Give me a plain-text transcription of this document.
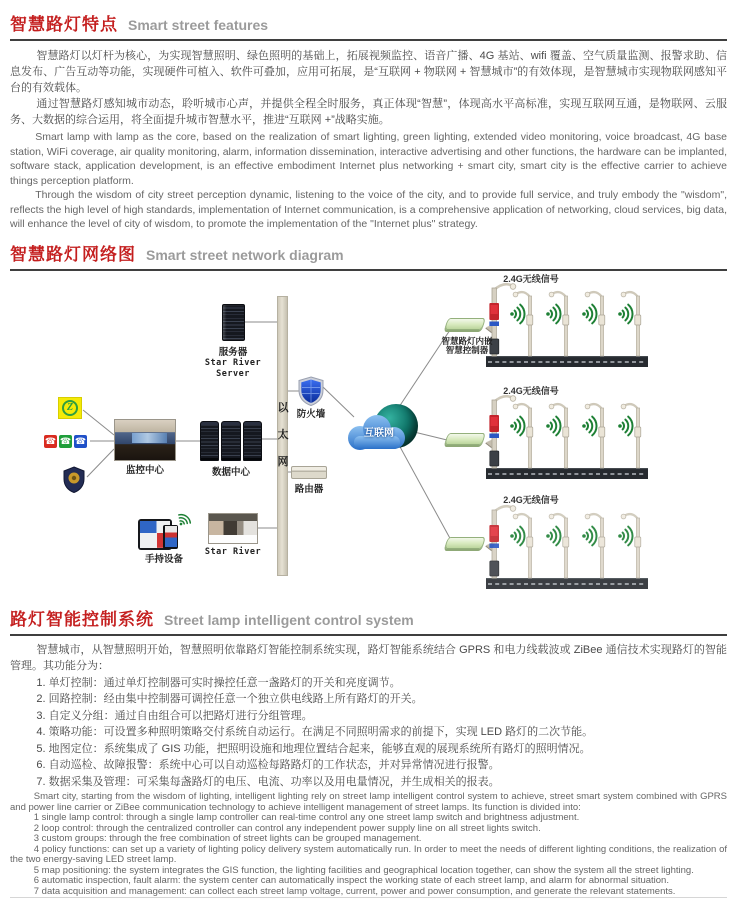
智慧路灯特点 Smart street features

智慧路灯以灯杆为核心，为实现智慧照明、绿色照明的基础上，拓展视频监控、语音广播、4G 基站、wifi 覆盖、空气质量监测、报警求助、信息发布、广告互动等功能，实现硬件可植入、软件可叠加，应用可拓展，是“互联网 + 物联网 + 智慧城市”的有效体现，是智慧城市实现物联网感知平台的有效载体。

通过智慧路灯感知城市动态，聆听城市心声，并提供全程全时服务，真正体现“智慧”，体现高水平高标准，实现互联网互通，是物联网、云服务、大数据的综合运用，将全面提升城市智慧水平，推进“互联网 +”战略实施。

Smart lamp with lamp as the core, based on the realization of smart lighting, green lighting, extended video monitoring, voice broadcast, 4G base station, WiFi coverage, air quality monitoring, alarm, information dissemination, interactive advertising and other functions, the hardware can be implanted, software stack, application development, is an effective embodiment Internet plus networking + smart city, smart city is the effective carrier to achieve things perception platform.

Through the wisdom of city street perception dynamic, listening to the voice of the city, and to provide full service, and truly embody the "wisdom", reflects the high level of high standards, implementation of Internet communication, is a comprehensive application of networking, cloud services, big data, will enhance the level of city of wisdom, to promote the implementation of the "Internet plus" strategy.

智慧路灯网络图 Smart street network diagram
Z
☎ ☎ ☎
监控中心	数据中心
服务器
Star River
Server
以
太
网
防火墙
路由器
互联网
手持设备
Star River
智慧路灯内嵌
智慧控制器
2.4G无线信号
2.4G无线信号
2.4G无线信号
路灯智能控制系统 Street lamp intelligent control system

智慧城市，从智慧照明开始，智慧照明依靠路灯智能控制系统实现，路灯智能系统结合 GPRS 和电力线载波或 ZiBee 通信技术实现路灯的智能管理。其功能分为：

1. 单灯控制：通过单灯控制器可实时操控任意一盏路灯的开关和亮度调节。

2. 回路控制：经由集中控制器可调控任意一个独立供电线路上所有路灯的开关。

3. 自定义分组：通过自由组合可以把路灯进行分组管理。

4. 策略功能：可设置多种照明策略交付系统自动运行。在满足不同照明需求的前提下，实现 LED 路灯的二次节能。

5. 地图定位：系统集成了 GIS 功能，把照明设施和地理位置结合起来，能够直观的展现系统所有路灯的照明情况。

6. 自动巡检、故障报警：系统中心可以自动巡检每路路灯的工作状态，并对异常情况进行报警。

7. 数据采集及管理：可采集每盏路灯的电压、电流、功率以及用电量情况，并生成相关的报表。

Smart city, starting from the wisdom of lighting, intelligent lighting rely on street lamp intelligent control system to achieve, street smart system combined with GPRS and power line carrier or ZiBee communication technology to achieve intelligent management of street lamps. Its function is divided into:

1 single lamp control: through a single lamp controller can real-time control any one street lamp switch and brightness adjustment.

2 loop control: through the centralized controller can control any independent power supply line on all street lights switch.

3 custom groups: through the free combination of street lights can be grouped management.

4 policy functions: can set up a variety of lighting policy delivery system automatically run. In order to meet the needs of different lighting conditions, the realization of the two energy-saving LED street lamp.

5 map positioning: the system integrates the GIS function, the lighting facilities and geographical location together, can show the system all the street lighting.

6 automatic inspection, fault alarm: the system center can automatically inspect the working state of each street lamp, and alarm for abnormal situation.

7 data acquisition and management: can collect each street lamp voltage, current, power and power consumption, and generate the relevant statements.
